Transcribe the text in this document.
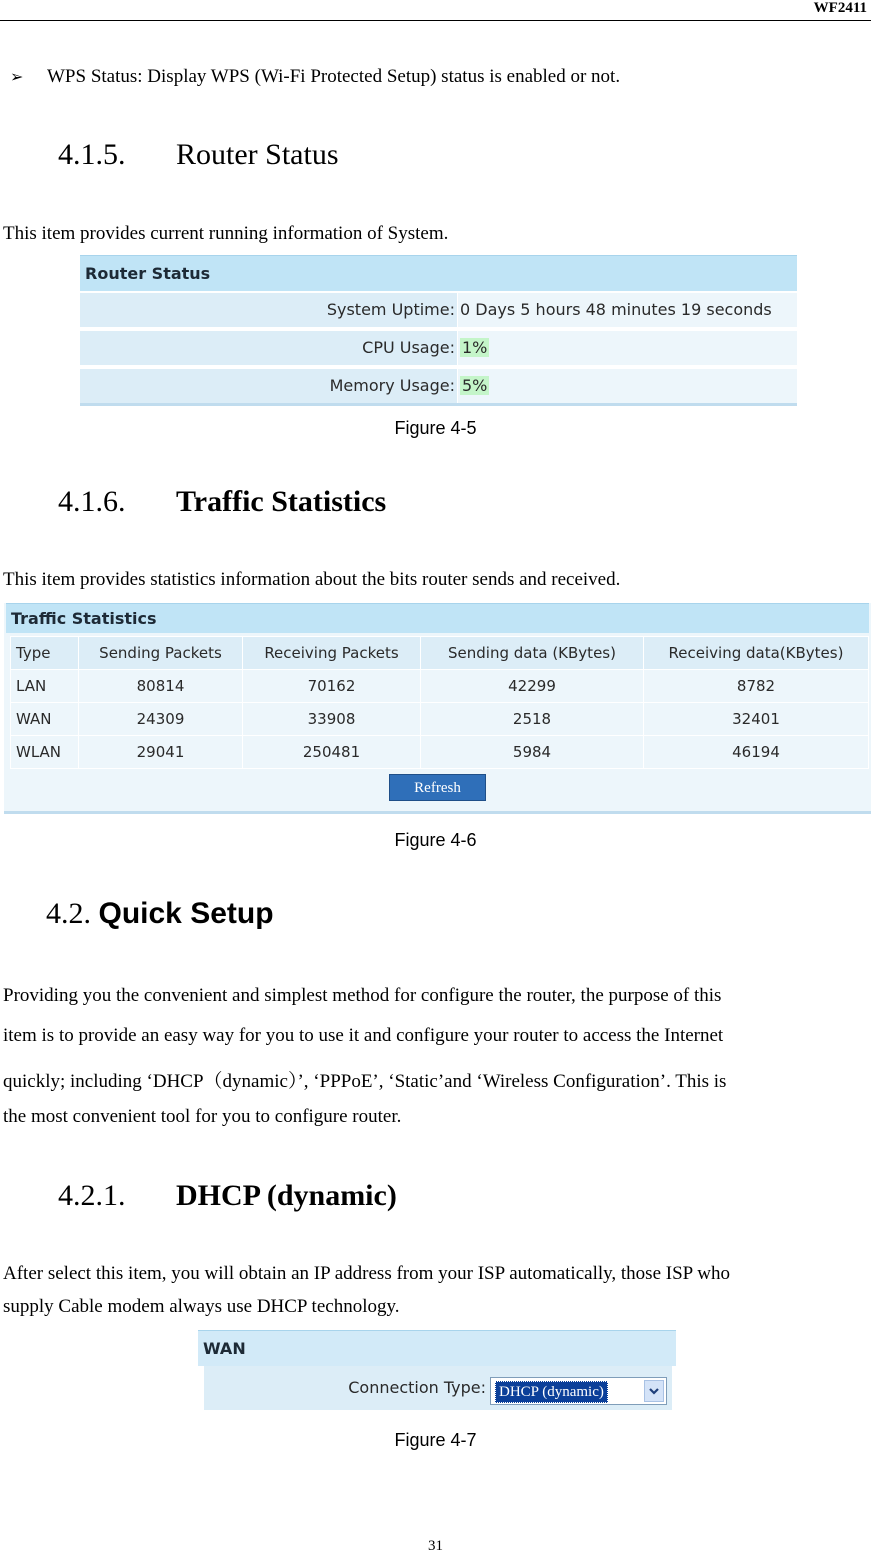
WF2411
➢ WPS Status: Display WPS (Wi-Fi Protected Setup) status is enabled or not.
4.1.5. Router Status
This item provides current running information of System.
Router Status
System Uptime: 0 Days 5 hours 48 minutes 19 seconds
CPU Usage: 1%
Memory Usage: 5%
Figure 4-5
4.1.6. Traffic Statistics
This item provides statistics information about the bits router sends and received.
Traffic Statistics
Type	Sending Packets	Receiving Packets	Sending data (KBytes)	Receiving data(KBytes)
LAN	80814	70162	42299	8782
WAN	24309	33908	2518	32401
WLAN	29041	250481	5984	46194
Refresh
Figure 4-6
4.2. Quick Setup
Providing you the convenient and simplest method for configure the router, the purpose of this
item is to provide an easy way for you to use it and configure your router to access the Internet
quickly; including ‘DHCP（dynamic）’, ‘PPPoE’, ‘Static’and ‘Wireless Configuration’. This is
the most convenient tool for you to configure router.
4.2.1. DHCP (dynamic)
After select this item, you will obtain an IP address from your ISP automatically, those ISP who
supply Cable modem always use DHCP technology.
WAN
Connection Type: DHCP (dynamic)
Figure 4-7
31
